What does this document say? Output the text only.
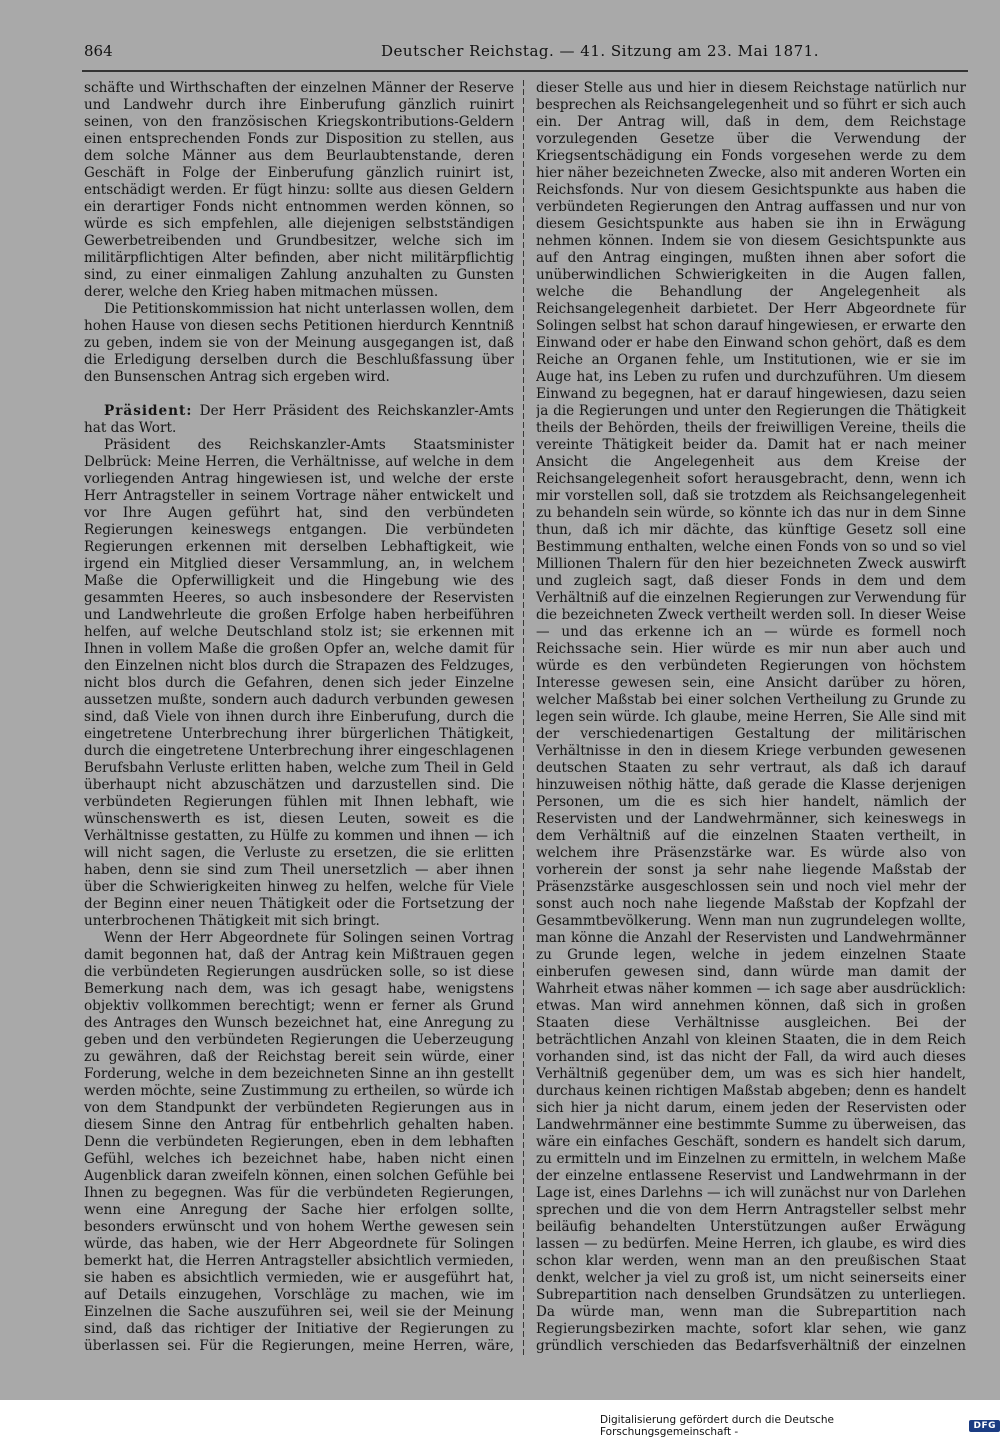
864	Deutscher Reichstag. — 41. Sitzung am 23. Mai 1871.

schäfte und Wirthschaften der einzelnen Männer der Reserve und Landwehr durch ihre Einberufung gänzlich ruinirt seinen, von den französischen Kriegskontributions-Geldern einen entsprechenden Fonds zur Disposition zu stellen, aus dem solche Männer aus dem Beurlaubtenstande, deren Geschäft in Folge der Einberufung gänzlich ruinirt ist, entschädigt werden. Er fügt hinzu: sollte aus diesen Geldern ein derartiger Fonds nicht entnommen werden können, so würde es sich empfehlen, alle diejenigen selbstständigen Gewerbetreibenden und Grundbesitzer, welche sich im militärpflichtigen Alter befinden, aber nicht militärpflichtig sind, zu einer einmaligen Zahlung anzuhalten zu Gunsten derer, welche den Krieg haben mitmachen müssen.

Die Petitionskommission hat nicht unterlassen wollen, dem hohen Hause von diesen sechs Petitionen hierdurch Kenntniß zu geben, indem sie von der Meinung ausgegangen ist, daß die Erledigung derselben durch die Beschlußfassung über den Bunsenschen Antrag sich ergeben wird.

Präsident: Der Herr Präsident des Reichskanzler-Amts hat das Wort.

Präsident des Reichskanzler-Amts Staatsminister Delbrück: Meine Herren, die Verhältnisse, auf welche in dem vorliegenden Antrag hingewiesen ist, und welche der erste Herr Antragsteller in seinem Vortrage näher entwickelt und vor Ihre Augen geführt hat, sind den verbündeten Regierungen keineswegs entgangen. Die verbündeten Regierungen erkennen mit derselben Lebhaftigkeit, wie irgend ein Mitglied dieser Versammlung, an, in welchem Maße die Opferwilligkeit und die Hingebung wie des gesammten Heeres, so auch insbesondere der Reservisten und Landwehrleute die großen Erfolge haben herbeiführen helfen, auf welche Deutschland stolz ist; sie erkennen mit Ihnen in vollem Maße die großen Opfer an, welche damit für den Einzelnen nicht blos durch die Strapazen des Feldzuges, nicht blos durch die Gefahren, denen sich jeder Einzelne aussetzen mußte, sondern auch dadurch verbunden gewesen sind, daß Viele von ihnen durch ihre Einberufung, durch die eingetretene Unterbrechung ihrer bürgerlichen Thätigkeit, durch die eingetretene Unterbrechung ihrer eingeschlagenen Berufsbahn Verluste erlitten haben, welche zum Theil in Geld überhaupt nicht abzuschätzen und darzustellen sind. Die verbündeten Regierungen fühlen mit Ihnen lebhaft, wie wünschenswerth es ist, diesen Leuten, soweit es die Verhältnisse gestatten, zu Hülfe zu kommen und ihnen — ich will nicht sagen, die Verluste zu ersetzen, die sie erlitten haben, denn sie sind zum Theil unersetzlich — aber ihnen über die Schwierigkeiten hinweg zu helfen, welche für Viele der Beginn einer neuen Thätigkeit oder die Fortsetzung der unterbrochenen Thätigkeit mit sich bringt.

Wenn der Herr Abgeordnete für Solingen seinen Vortrag damit begonnen hat, daß der Antrag kein Mißtrauen gegen die verbündeten Regierungen ausdrücken solle, so ist diese Bemerkung nach dem, was ich gesagt habe, wenigstens objektiv vollkommen berechtigt; wenn er ferner als Grund des Antrages den Wunsch bezeichnet hat, eine Anregung zu geben und den verbündeten Regierungen die Ueberzeugung zu gewähren, daß der Reichstag bereit sein würde, einer Forderung, welche in dem bezeichneten Sinne an ihn gestellt werden möchte, seine Zustimmung zu ertheilen, so würde ich von dem Standpunkt der verbündeten Regierungen aus in diesem Sinne den Antrag für entbehrlich gehalten haben. Denn die verbündeten Regierungen, eben in dem lebhaften Gefühl, welches ich bezeichnet habe, haben nicht einen Augenblick daran zweifeln können, einen solchen Gefühle bei Ihnen zu begegnen. Was für die verbündeten Regierungen, wenn eine Anregung der Sache hier erfolgen sollte, besonders erwünscht und von hohem Werthe gewesen sein würde, das haben, wie der Herr Abgeordnete für Solingen bemerkt hat, die Herren Antragsteller absichtlich vermieden, sie haben es absichtlich vermieden, wie er ausgeführt hat, auf Details einzugehen, Vorschläge zu machen, wie im Einzelnen die Sache auszuführen sei, weil sie der Meinung sind, daß das richtiger der Initiative der Regierungen zu überlassen sei. Für die Regierungen, meine Herren, wäre,

dieser Stelle aus und hier in diesem Reichstage natürlich nur besprechen als Reichsangelegenheit und so führt er sich auch ein. Der Antrag will, daß in dem, dem Reichstage vorzulegenden Gesetze über die Verwendung der Kriegsentschädigung ein Fonds vorgesehen werde zu dem hier näher bezeichneten Zwecke, also mit anderen Worten ein Reichsfonds. Nur von diesem Gesichtspunkte aus haben die verbündeten Regierungen den Antrag auffassen und nur von diesem Gesichtspunkte aus haben sie ihn in Erwägung nehmen können. Indem sie von diesem Gesichtspunkte aus auf den Antrag eingingen, mußten ihnen aber sofort die unüberwindlichen Schwierigkeiten in die Augen fallen, welche die Behandlung der Angelegenheit als Reichsangelegenheit darbietet. Der Herr Abgeordnete für Solingen selbst hat schon darauf hingewiesen, er erwarte den Einwand oder er habe den Einwand schon gehört, daß es dem Reiche an Organen fehle, um Institutionen, wie er sie im Auge hat, ins Leben zu rufen und durchzuführen. Um diesem Einwand zu begegnen, hat er darauf hingewiesen, dazu seien ja die Regierungen und unter den Regierungen die Thätigkeit theils der Behörden, theils der freiwilligen Vereine, theils die vereinte Thätigkeit beider da. Damit hat er nach meiner Ansicht die Angelegenheit aus dem Kreise der Reichsangelegenheit sofort herausgebracht, denn, wenn ich mir vorstellen soll, daß sie trotzdem als Reichsangelegenheit zu behandeln sein würde, so könnte ich das nur in dem Sinne thun, daß ich mir dächte, das künftige Gesetz soll eine Bestimmung enthalten, welche einen Fonds von so und so viel Millionen Thalern für den hier bezeichneten Zweck auswirft und zugleich sagt, daß dieser Fonds in dem und dem Verhältniß auf die einzelnen Regierungen zur Verwendung für die bezeichneten Zweck vertheilt werden soll. In dieser Weise — und das erkenne ich an — würde es formell noch Reichssache sein. Hier würde es mir nun aber auch und würde es den verbündeten Regierungen von höchstem Interesse gewesen sein, eine Ansicht darüber zu hören, welcher Maßstab bei einer solchen Vertheilung zu Grunde zu legen sein würde. Ich glaube, meine Herren, Sie Alle sind mit der verschiedenartigen Gestaltung der militärischen Verhältnisse in den in diesem Kriege verbunden gewesenen deutschen Staaten zu sehr vertraut, als daß ich darauf hinzuweisen nöthig hätte, daß gerade die Klasse derjenigen Personen, um die es sich hier handelt, nämlich der Reservisten und der Landwehrmänner, sich keineswegs in dem Verhältniß auf die einzelnen Staaten vertheilt, in welchem ihre Präsenzstärke war. Es würde also von vorherein der sonst ja sehr nahe liegende Maßstab der Präsenzstärke ausgeschlossen sein und noch viel mehr der sonst auch noch nahe liegende Maßstab der Kopfzahl der Gesammtbevölkerung. Wenn man nun zugrundelegen wollte, man könne die Anzahl der Reservisten und Landwehrmänner zu Grunde legen, welche in jedem einzelnen Staate einberufen gewesen sind, dann würde man damit der Wahrheit etwas näher kommen — ich sage aber ausdrücklich: etwas. Man wird annehmen können, daß sich in großen Staaten diese Verhältnisse ausgleichen. Bei der beträchtlichen Anzahl von kleinen Staaten, die in dem Reich vorhanden sind, ist das nicht der Fall, da wird auch dieses Verhältniß gegenüber dem, um was es sich hier handelt, durchaus keinen richtigen Maßstab abgeben; denn es handelt sich hier ja nicht darum, einem jeden der Reservisten oder Landwehrmänner eine bestimmte Summe zu überweisen, das wäre ein einfaches Geschäft, sondern es handelt sich darum, zu ermitteln und im Einzelnen zu ermitteln, in welchem Maße der einzelne entlassene Reservist und Landwehrmann in der Lage ist, eines Darlehns — ich will zunächst nur von Darlehen sprechen und die von dem Herrn Antragsteller selbst mehr beiläufig behandelten Unterstützungen außer Erwägung lassen — zu bedürfen. Meine Herren, ich glaube, es wird dies schon klar werden, wenn man an den preußischen Staat denkt, welcher ja viel zu groß ist, um nicht seinerseits einer Subrepartition nach denselben Grundsätzen zu unterliegen. Da würde man, wenn man die Subrepartition nach Regierungsbezirken machte, sofort klar sehen, wie ganz gründlich verschieden das Bedarfsverhältniß der einzelnen

Digitalisierung gefördert durch die Deutsche Forschungsgemeinschaft -	DFG
